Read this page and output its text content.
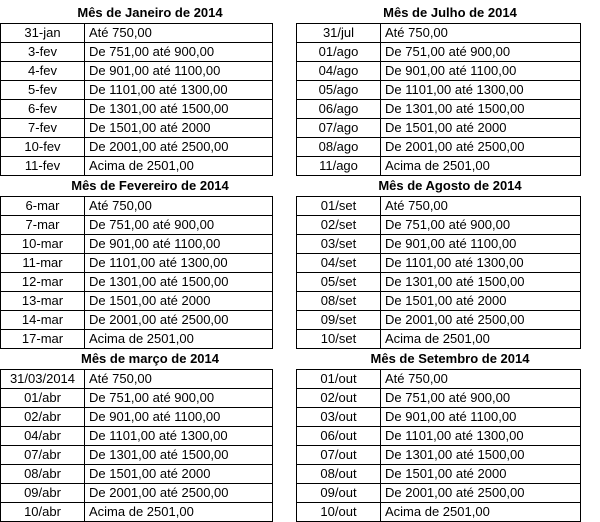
Mês de Janeiro de 2014
31-jan	Até 750,00
3-fev	De 751,00 até 900,00
4-fev	De 901,00 até 1100,00
5-fev	De 1101,00 até 1300,00
6-fev	De 1301,00 até 1500,00
7-fev	De 1501,00 até 2000
10-fev	De 2001,00 até 2500,00
11-fev	Acima de 2501,00
Mês de Julho de 2014
31/jul	Até 750,00
01/ago	De 751,00 até 900,00
04/ago	De 901,00 até 1100,00
05/ago	De 1101,00 até 1300,00
06/ago	De 1301,00 até 1500,00
07/ago	De 1501,00 até 2000
08/ago	De 2001,00 até 2500,00
11/ago	Acima de 2501,00
Mês de Fevereiro de 2014
6-mar	Até 750,00
7-mar	De 751,00 até 900,00
10-mar	De 901,00 até 1100,00
11-mar	De 1101,00 até 1300,00
12-mar	De 1301,00 até 1500,00
13-mar	De 1501,00 até 2000
14-mar	De 2001,00 até 2500,00
17-mar	Acima de 2501,00
Mês de Agosto de 2014
01/set	Até 750,00
02/set	De 751,00 até 900,00
03/set	De 901,00 até 1100,00
04/set	De 1101,00 até 1300,00
05/set	De 1301,00 até 1500,00
08/set	De 1501,00 até 2000
09/set	De 2001,00 até 2500,00
10/set	Acima de 2501,00
Mês de março de 2014
31/03/2014	Até 750,00
01/abr	De 751,00 até 900,00
02/abr	De 901,00 até 1100,00
04/abr	De 1101,00 até 1300,00
07/abr	De 1301,00 até 1500,00
08/abr	De 1501,00 até 2000
09/abr	De 2001,00 até 2500,00
10/abr	Acima de 2501,00
Mês de Setembro de 2014
01/out	Até 750,00
02/out	De 751,00 até 900,00
03/out	De 901,00 até 1100,00
06/out	De 1101,00 até 1300,00
07/out	De 1301,00 até 1500,00
08/out	De 1501,00 até 2000
09/out	De 2001,00 até 2500,00
10/out	Acima de 2501,00
